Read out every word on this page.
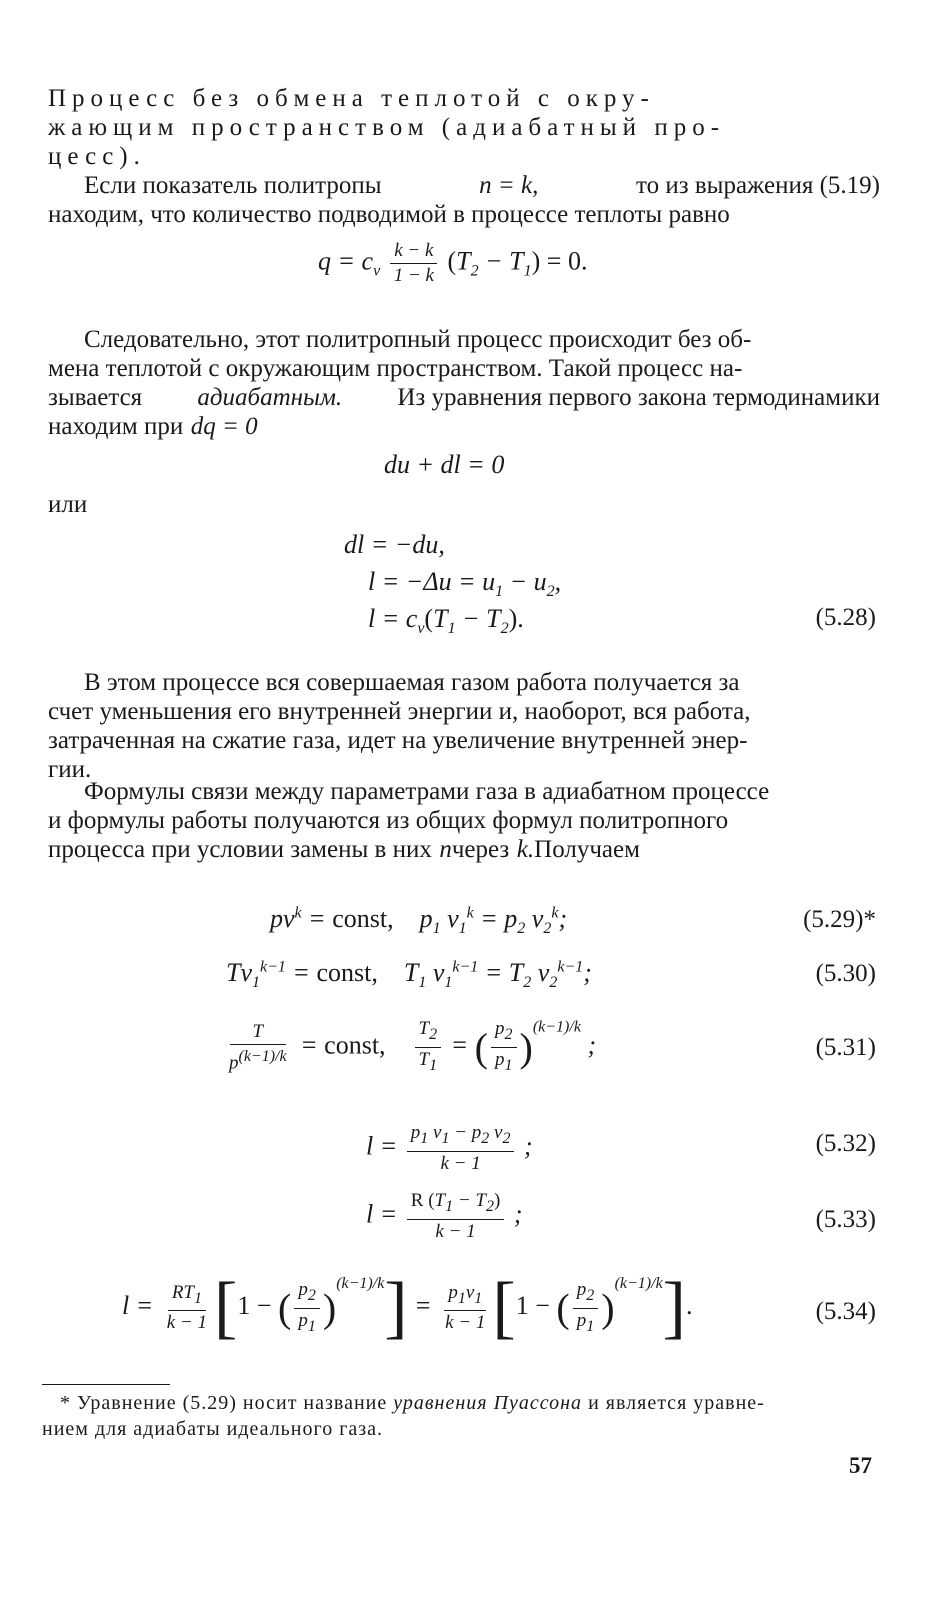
Процесс без обмена теплотой с окру-
жающим пространством (адиабатный про-
цесс).
Если показатель политропы	n = k,	то из выражения (5.19)
находим, что количество подводимой в процессе теплоты равно
$q = c_v \frac{k - k}{1 - k} (T_2 - T_1) = 0$.
Следовательно, этот политропный процесс происходит без об-
мена теплотой с окружающим пространством. Такой процесс на-
зывается адиабатным. Из уравнения первого закона термодинамики
находим при dq = 0
du + dl = 0
или
dl = −du,
$l = -\Delta u = u_1 - u_2$,
$l = c_v(T_1 - T_2)$.	(5.28)
В этом процессе вся совершаемая газом работа получается за
счет уменьшения его внутренней энергии и, наоборот, вся работа,
затраченная на сжатие газа, идет на увеличение внутренней энер-
гии.
Формулы связи между параметрами газа в адиабатном процессе
и формулы работы получаются из общих формул политропного
процесса при условии замены в них n через k. Получаем
$pv^k$ = const,    $p_1$ $v_1^k = p_2$ $v_2^k$;	(5.29)*
$Tv_1^{k-1}$ = const,    $T_1$ $v_1^{k-1} = T_2$ $v_2^{k-1}$;	(5.30)
$\frac{T}{p^{(k-1)/k}}$ = const, $\frac{T_2}{T_1}$ = ( $\frac{p_2}{p_1} )^{(k-1)/k}$ ;	(5.31)
$l = \frac{p_1 v_1 - p_2 v_2}{k - 1}$ ;	(5.32)
$l = \frac{R (T_1 - T_2)}{k - 1}$ ;	(5.33)
$l = \frac{RT_1}{k - 1} [1$ − ( $\frac{p_2}{p_1} )^{(k-1)/k}] = \frac{p_1v_1}{k - 1} [1$ − ( $\frac{p_2}{p_1} )^{(k-1)/k}$].	(5.34)
* Уравнение (5.29) носит название уравнения Пуассона и является уравне-
нием для адиабаты идеального газа.
57
